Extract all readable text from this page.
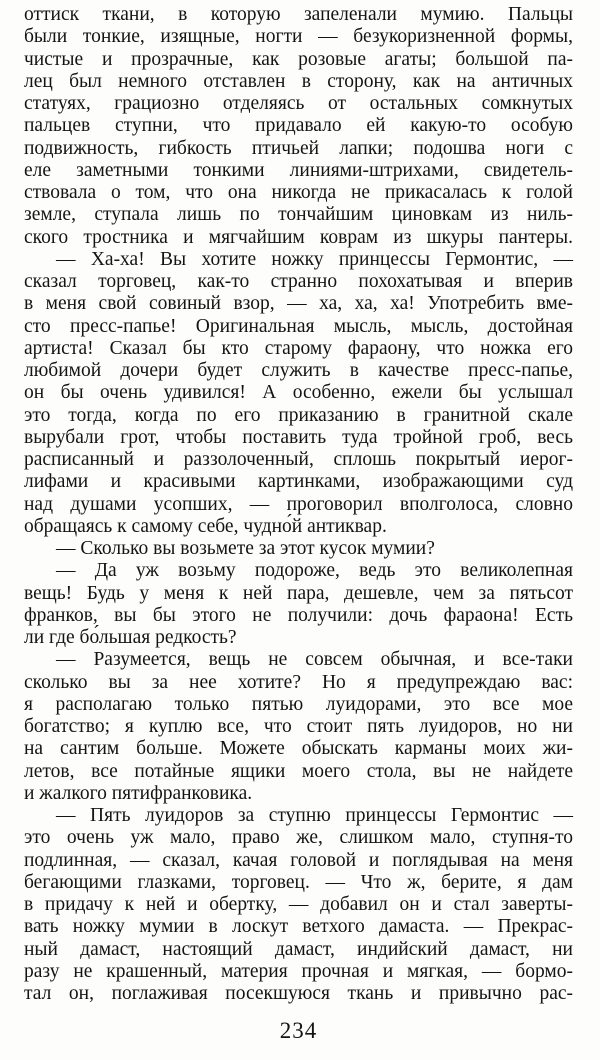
оттиск ткани, в которую запеленали мумию. Пальцы
были тонкие, изящные, ногти — безукоризненной формы,
чистые и прозрачные, как розовые агаты; большой па-
лец был немного отставлен в сторону, как на античных
статуях, грациозно отделяясь от остальных сомкнутых
пальцев ступни, что придавало ей какую-то особую
подвижность, гибкость птичьей лапки; подошва ноги с
еле заметными тонкими линиями-штрихами, свидетель-
ствовала о том, что она никогда не прикасалась к голой
земле, ступала лишь по тончайшим циновкам из ниль-
ского тростника и мягчайшим коврам из шкуры пантеры.

— Ха-ха! Вы хотите ножку принцессы Гермонтис, —
сказал торговец, как-то странно похохатывая и вперив
в меня свой совиный взор, — ха, ха, ха! Употребить вме-
сто пресс-папье! Оригинальная мысль, мысль, достойная
артиста! Сказал бы кто старому фараону, что ножка его
любимой дочери будет служить в качестве пресс-папье,
он бы очень удивился! А особенно, ежели бы услышал
это тогда, когда по его приказанию в гранитной скале
вырубали грот, чтобы поставить туда тройной гроб, весь
расписанный и раззолоченный, сплошь покрытый иерог-
лифами и красивыми картинками, изображающими суд
над душами усопших, — проговорил вполголоса, словно
обращаясь к самому себе, чудно́й антиквар.

— Сколько вы возьмете за этот кусок мумии?

— Да уж возьму подороже, ведь это великолепная
вещь! Будь у меня к ней пара, дешевле, чем за пятьсот
франков, вы бы этого не получили: дочь фараона! Есть
ли где бо́льшая редкость?

— Разумеется, вещь не совсем обычная, и все-таки
сколько вы за нее хотите? Но я предупреждаю вас:
я располагаю только пятью луидорами, это все мое
богатство; я куплю все, что стоит пять луидоров, но ни
на сантим больше. Можете обыскать карманы моих жи-
летов, все потайные ящики моего стола, вы не найдете
и жалкого пятифранковика.

— Пять луидоров за ступню принцессы Гермонтис —
это очень уж мало, право же, слишком мало, ступня-то
подлинная, — сказал, качая головой и поглядывая на меня
бегающими глазками, торговец. — Что ж, берите, я дам
в придачу к ней и обертку, — добавил он и стал заверты-
вать ножку мумии в лоскут ветхого дамаста. — Прекрас-
ный дамаст, настоящий дамаст, индийский дамаст, ни
разу не крашенный, материя прочная и мягкая, — бормо-
тал он, поглаживая посекшуюся ткань и привычно рас-

234
